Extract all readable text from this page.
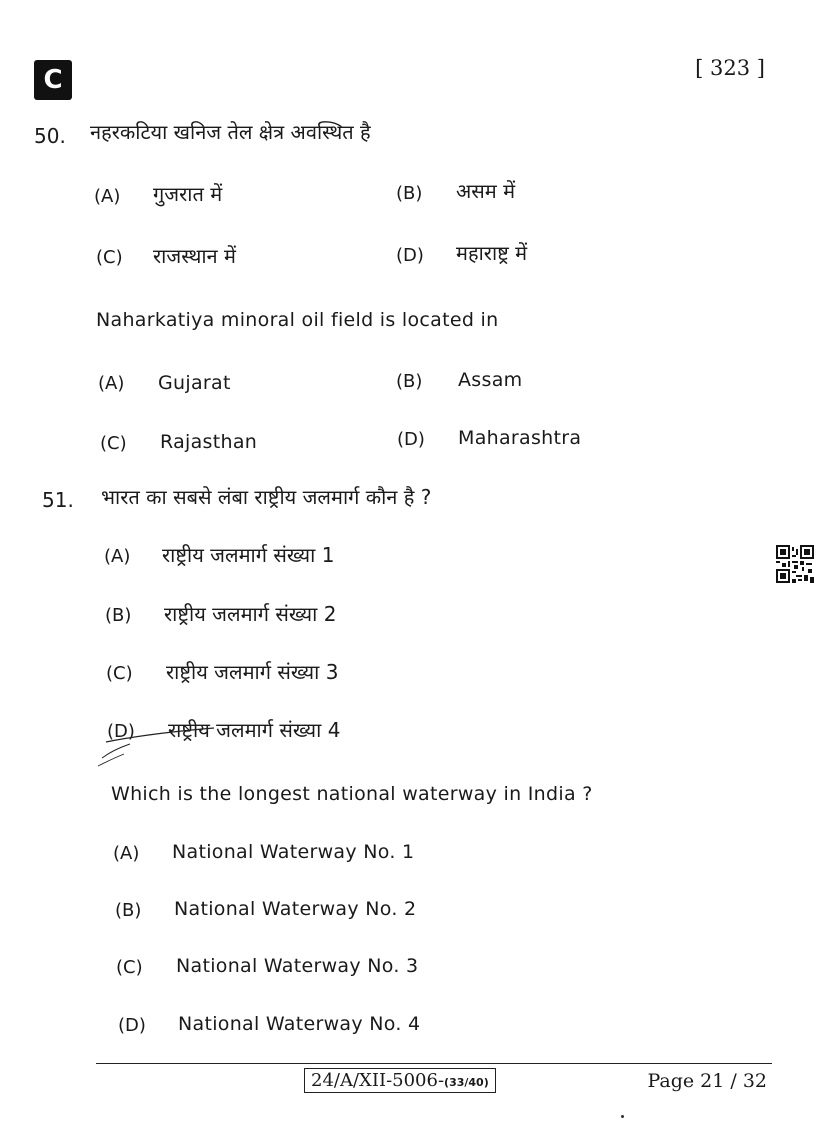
C	[ 323 ]
50. नहरकटिया खनिज तेल क्षेत्र अवस्थित है
(A) गुजरात में	(B) असम में
(C) राजस्थान में	(D) महाराष्ट्र में
Naharkatiya minoral oil field is located in
(A) Gujarat	(B) Assam
(C) Rajasthan	(D) Maharashtra
51. भारत का सबसे लंबा राष्ट्रीय जलमार्ग कौन है ?
(A) राष्ट्रीय जलमार्ग संख्या 1
(B) राष्ट्रीय जलमार्ग संख्या 2
(C) राष्ट्रीय जलमार्ग संख्या 3
(D) राष्ट्रीय जलमार्ग संख्या 4
Which is the longest national waterway in India ?
(A) National Waterway No. 1
(B) National Waterway No. 2
(C) National Waterway No. 3
(D) National Waterway No. 4
24/A/XII-5006-(33/40)	Page 21 / 32
